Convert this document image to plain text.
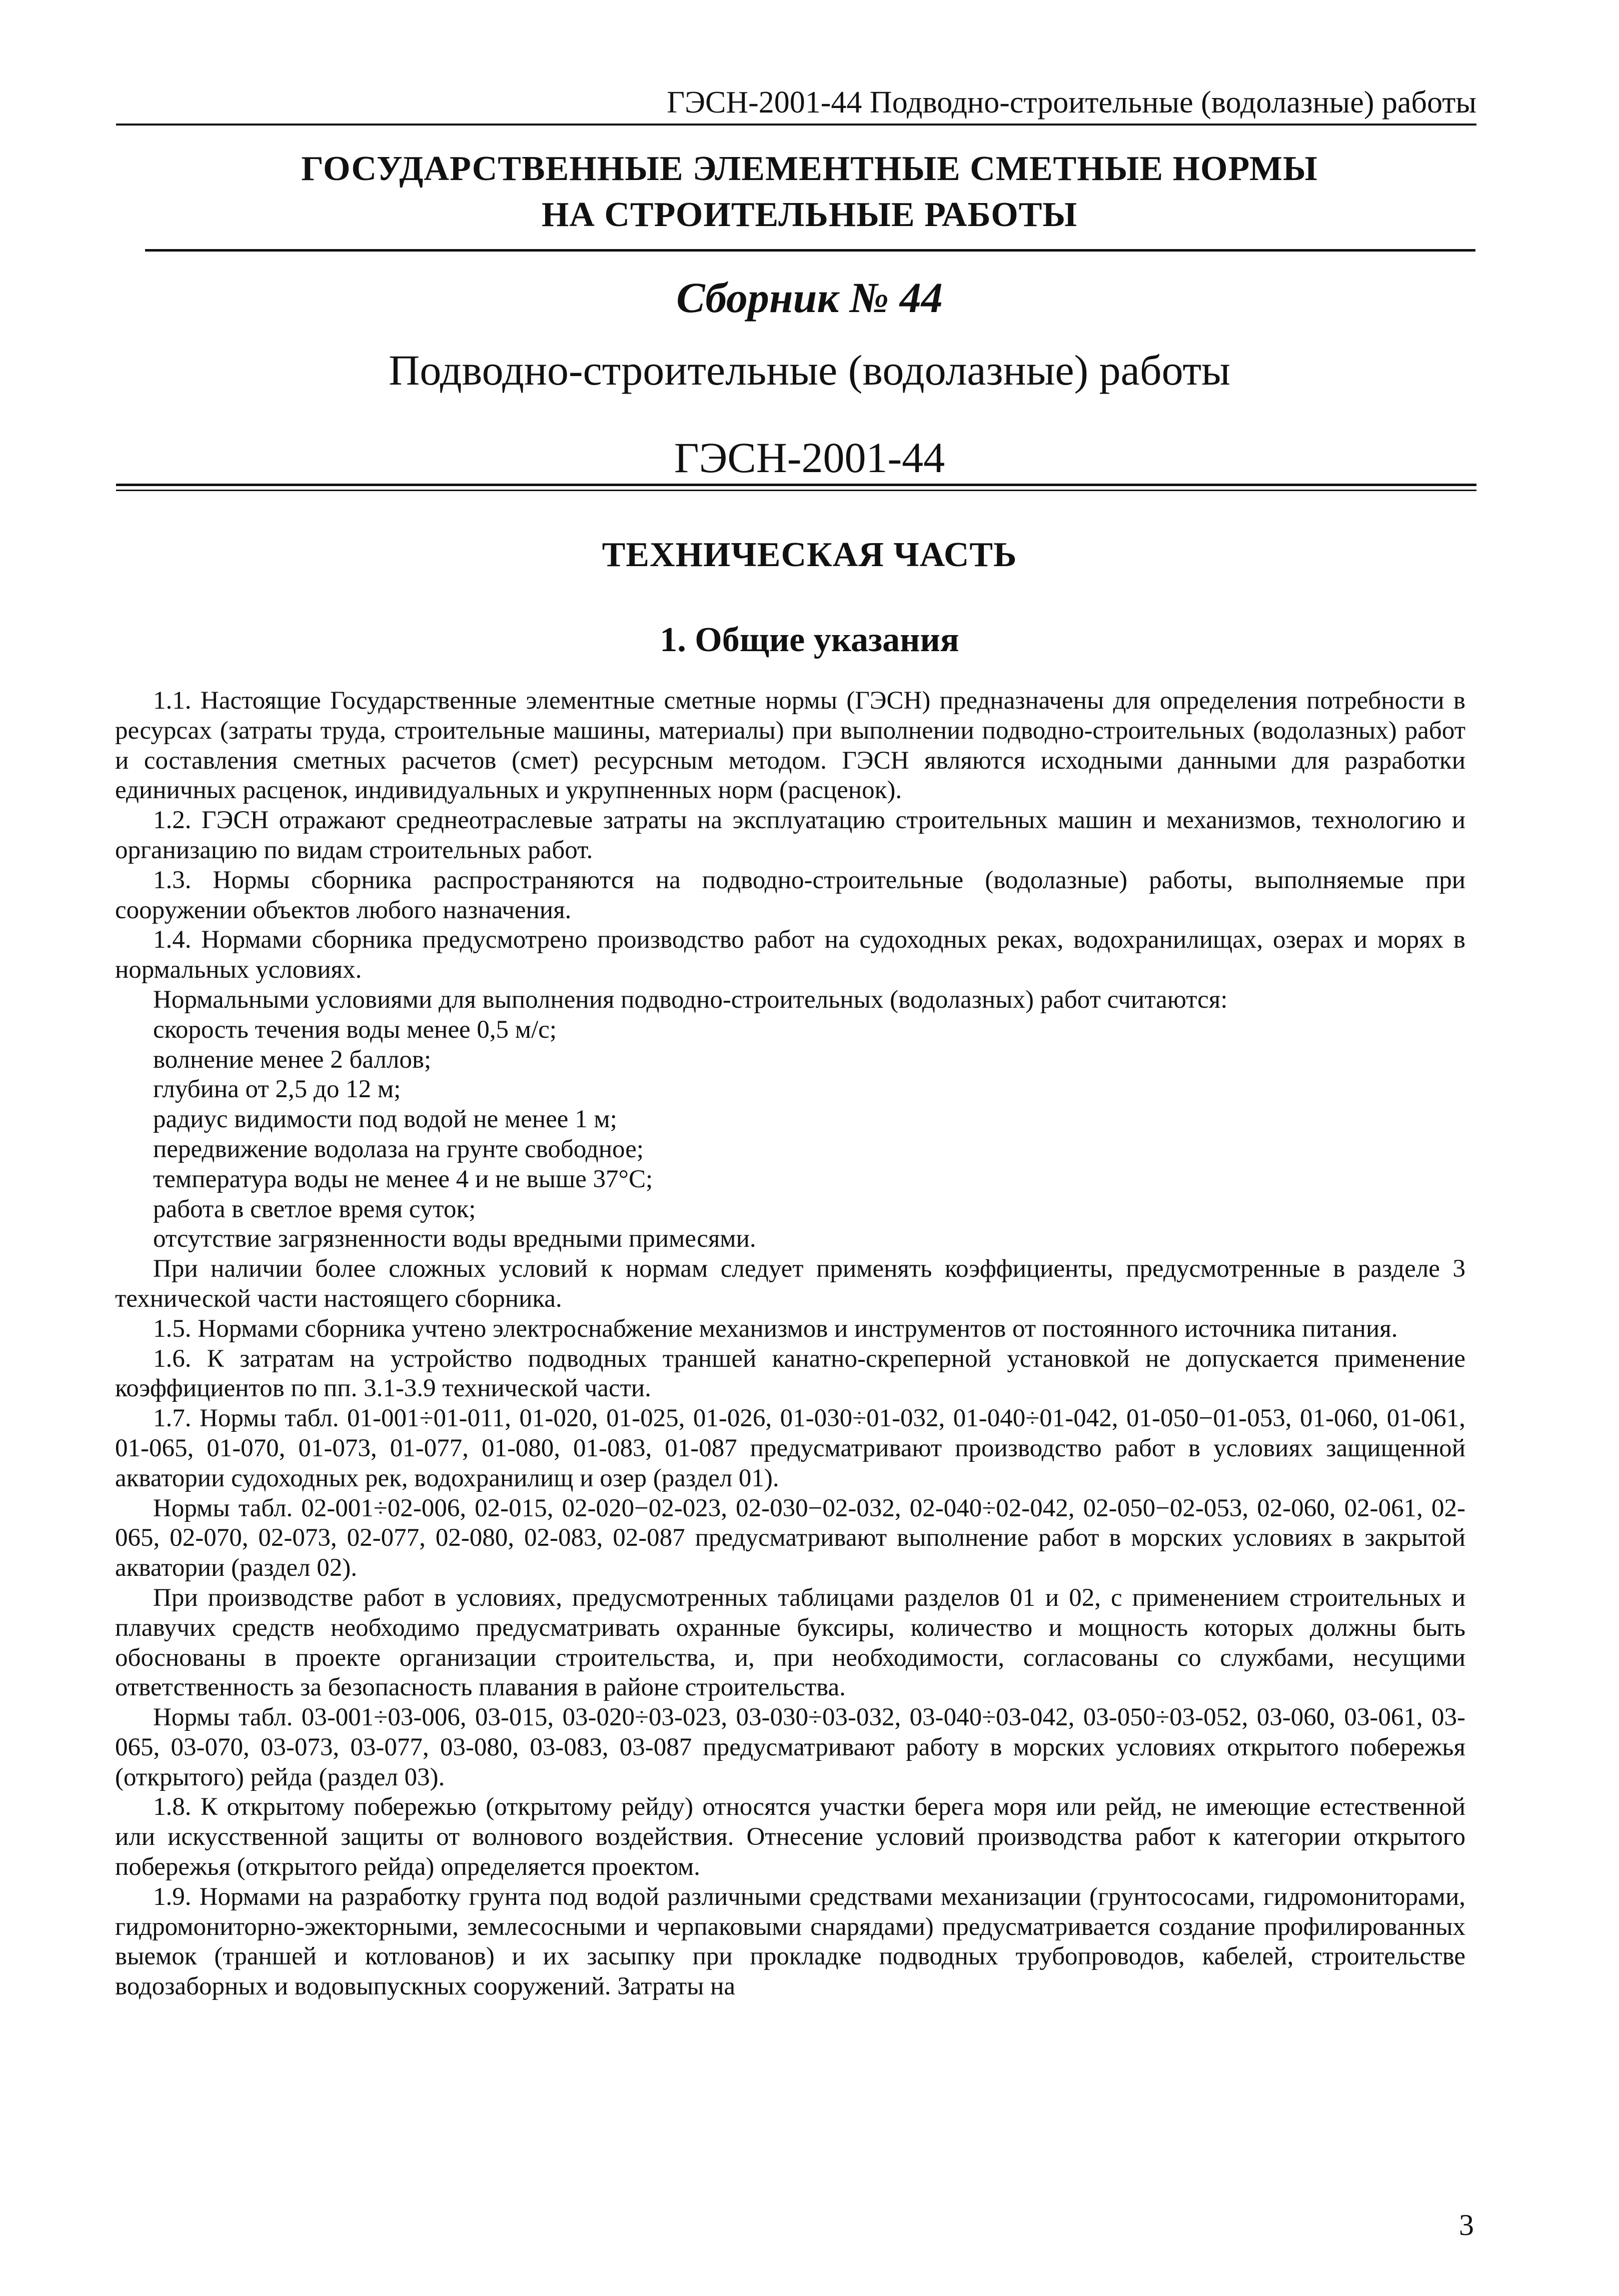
ГЭСН-2001-44 Подводно-строительные (водолазные) работы
ГОСУДАРСТВЕННЫЕ ЭЛЕМЕНТНЫЕ СМЕТНЫЕ НОРМЫ
НА СТРОИТЕЛЬНЫЕ РАБОТЫ
Сборник № 44
Подводно-строительные (водолазные) работы
ГЭСН-2001-44
ТЕХНИЧЕСКАЯ ЧАСТЬ
1. Общие указания

1.1. Настоящие Государственные элементные сметные нормы (ГЭСН) предназначены для определения потребности в ресурсах (затраты труда, строительные машины, материалы) при выполнении подводно-строительных (водолазных) работ и составления сметных расчетов (смет) ресурсным методом. ГЭСН являются исходными данными для разработки единичных расценок, индивидуальных и укрупненных норм (расценок).

1.2. ГЭСН отражают среднеотраслевые затраты на эксплуатацию строительных машин и механизмов, технологию и организацию по видам строительных работ.

1.3. Нормы сборника распространяются на подводно-строительные (водолазные) работы, выполняемые при сооружении объектов любого назначения.

1.4. Нормами сборника предусмотрено производство работ на судоходных реках, водохранилищах, озерах и морях в нормальных условиях.

Нормальными условиями для выполнения подводно-строительных (водолазных) работ считаются:

скорость течения воды менее 0,5 м/с;

волнение менее 2 баллов;

глубина от 2,5 до 12 м;

радиус видимости под водой не менее 1 м;

передвижение водолаза на грунте свободное;

температура воды не менее 4 и не выше 37°С;

работа в светлое время суток;

отсутствие загрязненности воды вредными примесями.

При наличии более сложных условий к нормам следует применять коэффициенты, предусмотренные в разделе 3 технической части настоящего сборника.

1.5. Нормами сборника учтено электроснабжение механизмов и инструментов от постоянного источника питания.

1.6. К затратам на устройство подводных траншей канатно-скреперной установкой не допускается применение коэффициентов по пп. 3.1-3.9 технической части.

1.7. Нормы табл. 01-001÷01-011, 01-020, 01-025, 01-026, 01-030÷01-032, 01-040÷01-042, 01-050−01-053, 01-060, 01-061, 01-065, 01-070, 01-073, 01-077, 01-080, 01-083, 01-087 предусматривают производство работ в условиях защищенной акватории судоходных рек, водохранилищ и озер (раздел 01).

Нормы табл. 02-001÷02-006, 02-015, 02-020−02-023, 02-030−02-032, 02-040÷02-042, 02-050−02-053, 02-060, 02-061, 02-065, 02-070, 02-073, 02-077, 02-080, 02-083, 02-087 предусматривают выполнение работ в морских условиях в закрытой акватории (раздел 02).

При производстве работ в условиях, предусмотренных таблицами разделов 01 и 02, с применением строительных и плавучих средств необходимо предусматривать охранные буксиры, количество и мощность которых должны быть обоснованы в проекте организации строительства, и, при необходимости, согласованы со службами, несущими ответственность за безопасность плавания в районе строительства.

Нормы табл. 03-001÷03-006, 03-015, 03-020÷03-023, 03-030÷03-032, 03-040÷03-042, 03-050÷03-052, 03-060, 03-061, 03-065, 03-070, 03-073, 03-077, 03-080, 03-083, 03-087 предусматривают работу в морских условиях открытого побережья (открытого) рейда (раздел 03).

1.8. К открытому побережью (открытому рейду) относятся участки берега моря или рейд, не имеющие естественной или искусственной защиты от волнового воздействия. Отнесение условий производства работ к категории открытого побережья (открытого рейда) определяется проектом.

1.9. Нормами на разработку грунта под водой различными средствами механизации (грунтососами, гидромониторами, гидромониторно-эжекторными, землесосными и черпаковыми снарядами) предусматривается создание профилированных выемок (траншей и котлованов) и их засыпку при прокладке подводных трубопроводов, кабелей, строительстве водозаборных и водовыпускных сооружений. Затраты на

3
